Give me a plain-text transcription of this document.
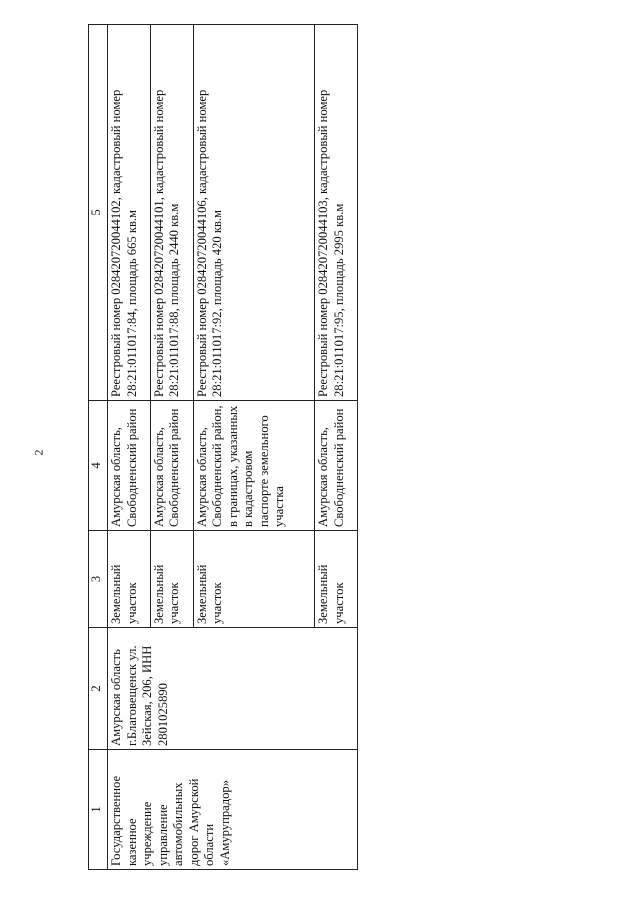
2
1	2	3	4	5
Государственное казенное учреждение управление автомобильных дорог Амурской области «Амурупрадор»	Амурская область г.Благовещенск ул. Зейская, 206, ИНН 2801025890	Земельный участок	Амурская область, Свободненский район	Реестровый номер 02842072004410​2, кадастровый номер 28:21:011017:84, площадь 665 кв.м
		Земельный участок	Амурская область, Свободненский район	Реестровый номер 028420720044101, кадастровый номер 28:21:011017:88, площадь 2440 кв.м
		Земельный участок	Амурская область, Свободненский район, в границах, указанных в кадастровом паспорте земельного участка	Реестровый номер 028420720044106, кадастровый номер 28:21:011017:92, площадь 420 кв.м
		Земельный участок	Амурская область, Свободненский район	Реестровый номер 028420720044103, кадастровый номер 28:21:011017:95, площадь 2995 кв.м
